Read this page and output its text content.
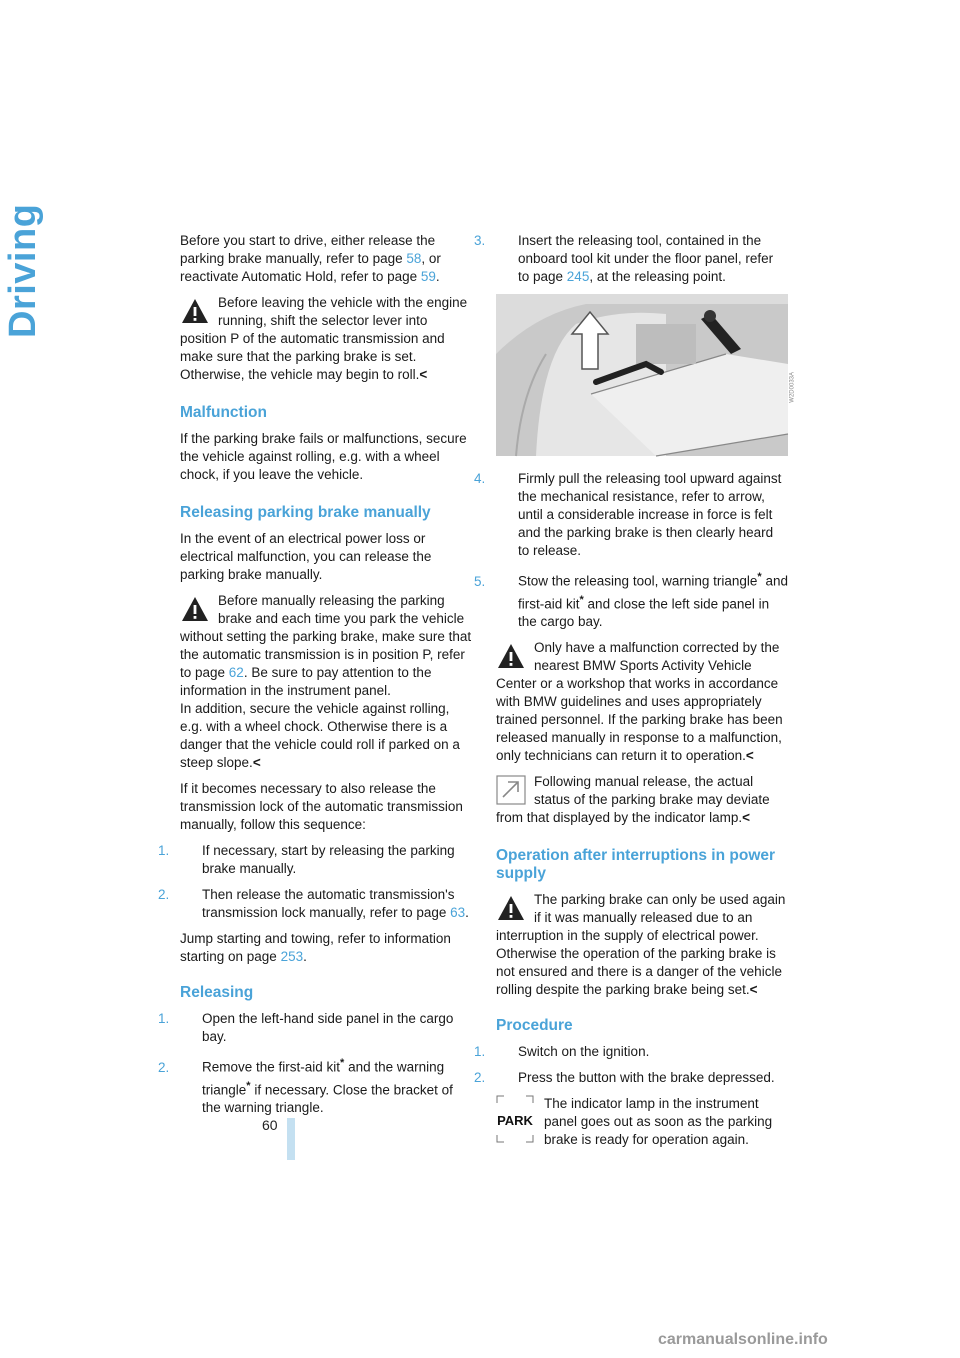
Driving	Before you start to drive, either release the parking brake manually, refer to page 58, or reactivate Automatic Hold, refer to page 59.

Before leaving the vehicle with the engine running, shift the selector lever into position P of the automatic transmission and make sure that the parking brake is set. Otherwise, the vehicle may begin to roll.<
Malfunction

If the parking brake fails or malfunctions, secure the vehicle against rolling, e.g. with a wheel chock, if you leave the vehicle.

Releasing parking brake manually

In the event of an electrical power loss or electrical malfunction, you can release the parking brake manually.

Before manually releasing the parking brake and each time you park the vehicle without setting the parking brake, make sure that the automatic transmission is in position P, refer to page 62. Be sure to pay attention to the information in the instrument panel.
In addition, secure the vehicle against rolling, e.g. with a wheel chock. Otherwise there is a danger that the vehicle could roll if parked on a steep slope.<

If it becomes necessary to also release the transmission lock of the automatic transmission manually, follow this sequence:

1. If necessary, start by releasing the parking brake manually.
2. Then release the automatic transmission's transmission lock manually, refer to page 63.

Jump starting and towing, refer to information starting on page 253.

Releasing
1. Open the left-hand side panel in the cargo bay.
2. Remove the first-aid kit* and the warning triangle* if necessary. Close the bracket of the warning triangle.
3. Insert the releasing tool, contained in the onboard tool kit under the floor panel, refer to page 245, at the releasing point.
W2D0033A
4. Firmly pull the releasing tool upward against the mechanical resistance, refer to arrow, until a considerable increase in force is felt and the parking brake is then clearly heard to release.
5. Stow the releasing tool, warning triangle* and first-aid kit* and close the left side panel in the cargo bay.
Only have a malfunction corrected by the nearest BMW Sports Activity Vehicle Center or a workshop that works in accordance with BMW guidelines and uses appropriately trained personnel. If the parking brake has been released manually in response to a malfunction, only technicians can return it to operation.<
Following manual release, the actual status of the parking brake may deviate from that displayed by the indicator lamp.<
Operation after interruptions in power supply
The parking brake can only be used again if it was manually released due to an interruption in the supply of electrical power. Otherwise the operation of the parking brake is not ensured and there is a danger of the vehicle rolling despite the parking brake being set.<
Procedure
1. Switch on the ignition.
2. Press the button with the brake depressed.
PARK
The indicator lamp in the instrument panel goes out as soon as the parking brake is ready for operation again.
60
carmanualsonline.info
